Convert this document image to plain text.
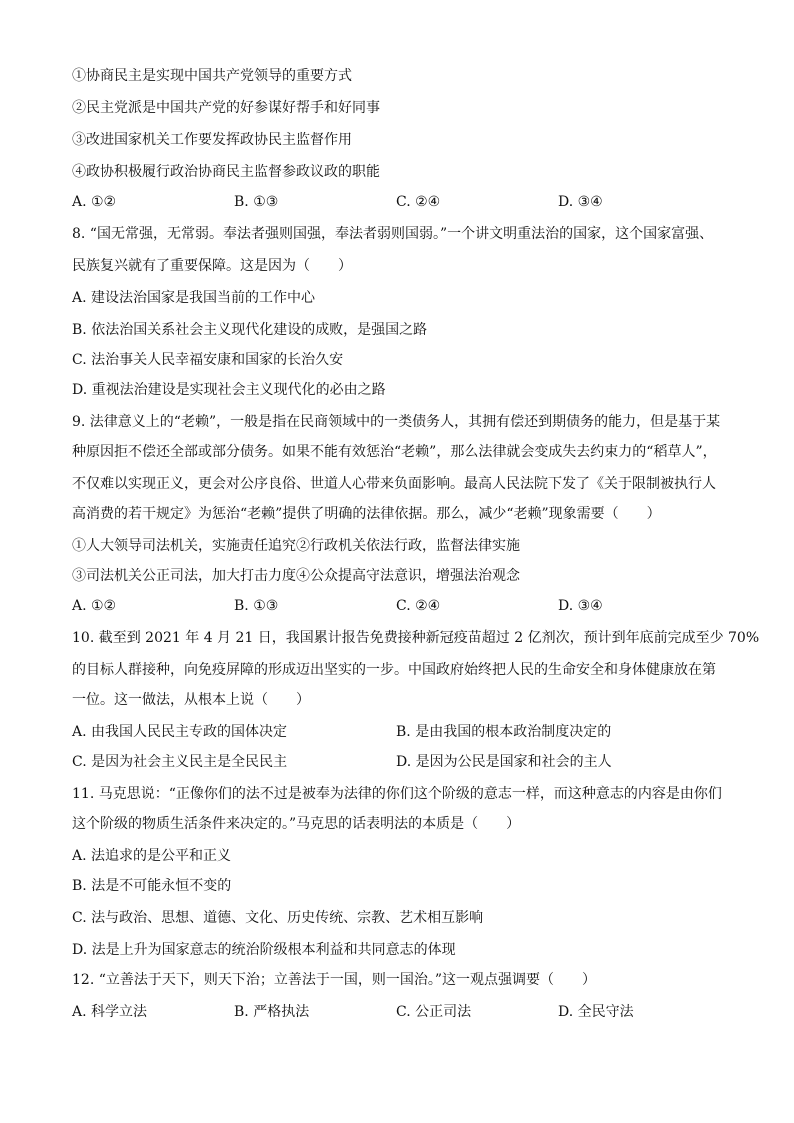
①协商民主是实现中国共产党领导的重要方式
②民主党派是中国共产党的好参谋好帮手和好同事
③改进国家机关工作要发挥政协民主监督作用
④政协积极履行政治协商民主监督参政议政的职能
A. ①②	B. ①③	C. ②④	D. ③④
8. “国无常强，无常弱。奉法者强则国强，奉法者弱则国弱。”一个讲文明重法治的国家，这个国家富强、
民族复兴就有了重要保障。这是因为（　　）
A. 建设法治国家是我国当前的工作中心
B. 依法治国关系社会主义现代化建设的成败，是强国之路
C. 法治事关人民幸福安康和国家的长治久安
D. 重视法治建设是实现社会主义现代化的必由之路
9. 法律意义上的“老赖”，一般是指在民商领域中的一类债务人，其拥有偿还到期债务的能力，但是基于某
种原因拒不偿还全部或部分债务。如果不能有效惩治“老赖”，那么法律就会变成失去约束力的“稻草人”，
不仅难以实现正义，更会对公序良俗、世道人心带来负面影响。最高人民法院下发了《关于限制被执行人
高消费的若干规定》为惩治“老赖”提供了明确的法律依据。那么，减少“老赖”现象需要（　　）
①人大领导司法机关，实施责任追究②行政机关依法行政，监督法律实施
③司法机关公正司法，加大打击力度④公众提高守法意识，增强法治观念
A. ①②	B. ①③	C. ②④	D. ③④
10. 截至到 2021 年 4 月 21 日，我国累计报告免费接种新冠疫苗超过 2 亿剂次，预计到年底前完成至少 70%
的目标人群接种，向免疫屏障的形成迈出坚实的一步。中国政府始终把人民的生命安全和身体健康放在第
一位。这一做法，从根本上说（　　）
A. 由我国人民民主专政的国体决定	B. 是由我国的根本政治制度决定的
C. 是因为社会主义民主是全民民主	D. 是因为公民是国家和社会的主人
11. 马克思说：“正像你们的法不过是被奉为法律的你们这个阶级的意志一样，而这种意志的内容是由你们
这个阶级的物质生活条件来决定的。”马克思的话表明法的本质是（　　）
A. 法追求的是公平和正义
B. 法是不可能永恒不变的
C. 法与政治、思想、道德、文化、历史传统、宗教、艺术相互影响
D. 法是上升为国家意志的统治阶级根本利益和共同意志的体现
12. “立善法于天下，则天下治；立善法于一国，则一国治。”这一观点强调要（　　）
A. 科学立法	B. 严格执法	C. 公正司法	D. 全民守法
